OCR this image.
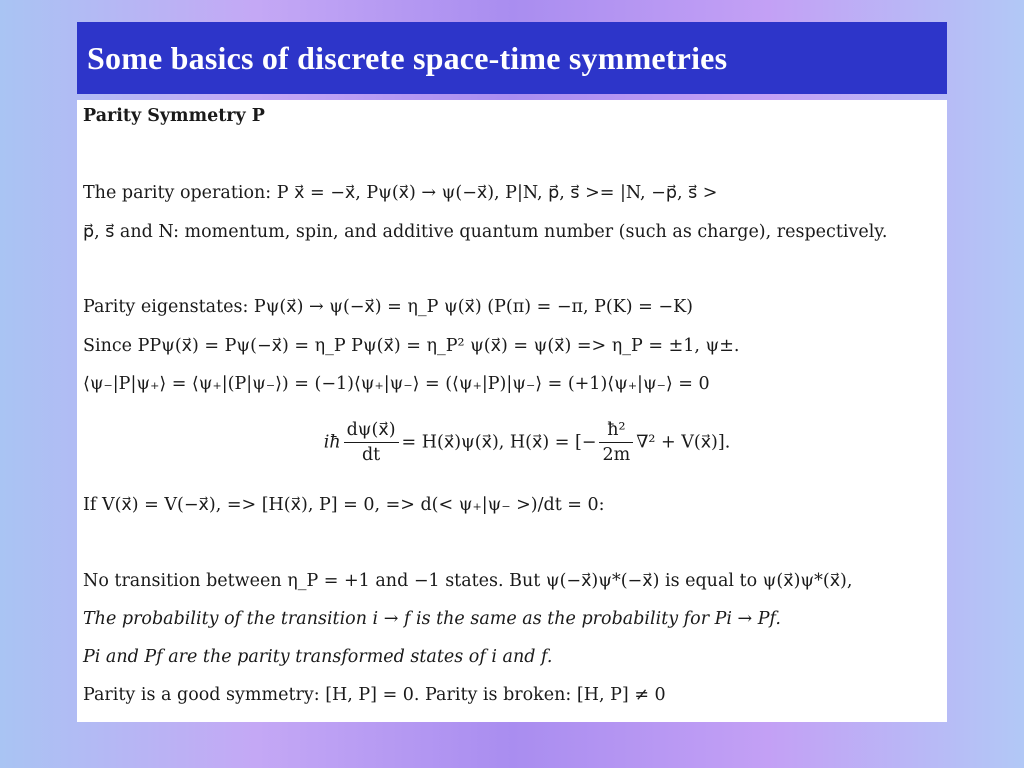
Some basics of discrete space-time symmetries
Parity Symmetry P
The parity operation: P x⃗ = −x⃗, Pψ(x⃗) → ψ(−x⃗), P|N, p⃗, s⃗ >= |N, −p⃗, s⃗ >
p⃗, s⃗ and N: momentum, spin, and additive quantum number (such as charge), respectively.
Parity eigenstates: Pψ(x⃗) → ψ(−x⃗) = η_P ψ(x⃗) (P(π) = −π, P(K) = −K)
Since PPψ(x⃗) = Pψ(−x⃗) = η_P Pψ(x⃗) = η_P² ψ(x⃗) = ψ(x⃗) => η_P = ±1, ψ±.
⟨ψ₋|P|ψ₊⟩ = ⟨ψ₊|(P|ψ₋⟩) = (−1)⟨ψ₊|ψ₋⟩ = (⟨ψ₊|P)|ψ₋⟩ = (+1)⟨ψ₊|ψ₋⟩ = 0
iħ $\frac{d\psi(x⃗)}{dt}$ = H(x⃗)ψ(x⃗), H(x⃗) = [− $\frac{\text{ħ²}}{2m} \nabla^2$ + V(x⃗)].
If V(x⃗) = V(−x⃗), => [H(x⃗), P] = 0, => d(< ψ₊|ψ₋ >)/dt = 0:
No transition between η_P = +1 and −1 states. But ψ(−x⃗)ψ*(−x⃗) is equal to ψ(x⃗)ψ*(x⃗),
The probability of the transition i → f is the same as the probability for Pi → Pf.
Pi and Pf are the parity transformed states of i and f.
Parity is a good symmetry: [H, P] = 0. Parity is broken: [H, P] ≠ 0
